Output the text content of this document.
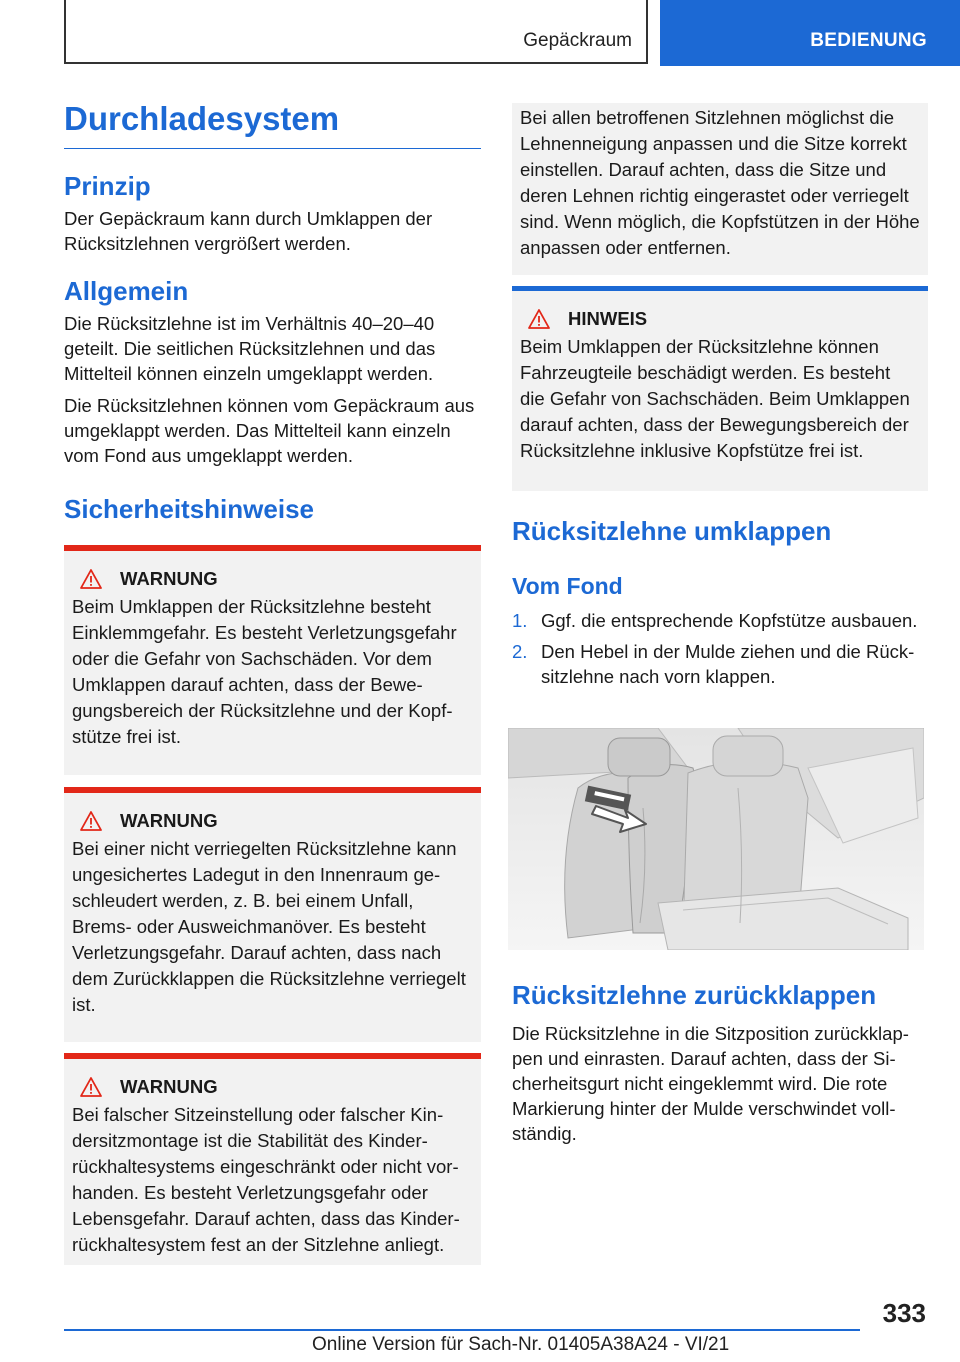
Gepäckraum	BEDIENUNG
Durchladesystem
Prinzip

Der Gepäckraum kann durch Umklappen der Rücksitzlehnen vergrößert werden.

Allgemein

Die Rücksitzlehne ist im Verhältnis 40–20–40 geteilt. Die seitlichen Rücksitzlehnen und das Mittelteil können einzeln umgeklappt werden.

Die Rücksitzlehnen können vom Gepäckraum aus umgeklappt werden. Das Mittelteil kann einzeln vom Fond aus umgeklappt werden.

Sicherheitshinweise
WARNUNG

Beim Umklappen der Rücksitzlehne besteht Einklemmgefahr. Es besteht Verletzungsgefahr oder die Gefahr von Sachschäden. Vor dem Umklappen darauf achten, dass der Bewegungsbereich der Rücksitzlehne und der Kopfstütze frei ist.

WARNUNG

Bei einer nicht verriegelten Rücksitzlehne kann ungesichertes Ladegut in den Innenraum geschleudert werden, z. B. bei einem Unfall, Brems- oder Ausweichmanöver. Es besteht Verletzungsgefahr. Darauf achten, dass nach dem Zurückklappen die Rücksitzlehne verriegelt ist.

WARNUNG

Bei falscher Sitzeinstellung oder falscher Kindersitzmontage ist die Stabilität des Kinderrückhaltesystems eingeschränkt oder nicht vorhanden. Es besteht Verletzungsgefahr oder Lebensgefahr. Darauf achten, dass das Kinderrückhaltesystem fest an der Sitzlehne anliegt.

Bei allen betroffenen Sitzlehnen möglichst die Lehnenneigung anpassen und die Sitze korrekt einstellen. Darauf achten, dass die Sitze und deren Lehnen richtig eingerastet oder verriegelt sind. Wenn möglich, die Kopfstützen in der Höhe anpassen oder entfernen.

HINWEIS

Beim Umklappen der Rücksitzlehne können Fahrzeugteile beschädigt werden. Es besteht die Gefahr von Sachschäden. Beim Umklappen darauf achten, dass der Bewegungsbereich der Rücksitzlehne inklusive Kopfstütze frei ist.

Rücksitzlehne umklappen
Vom Fond
1. Ggf. die entsprechende Kopfstütze ausbauen.
2. Den Hebel in der Mulde ziehen und die Rücksitzlehne nach vorn klappen.
Rücksitzlehne zurückklappen

Die Rücksitzlehne in die Sitzposition zurückklappen und einrasten. Darauf achten, dass der Sicherheitsgurt nicht eingeklemmt wird. Die rote Markierung hinter der Mulde verschwindet vollständig.

333
Online Version für Sach-Nr. 01405A38A24 - VI/21
